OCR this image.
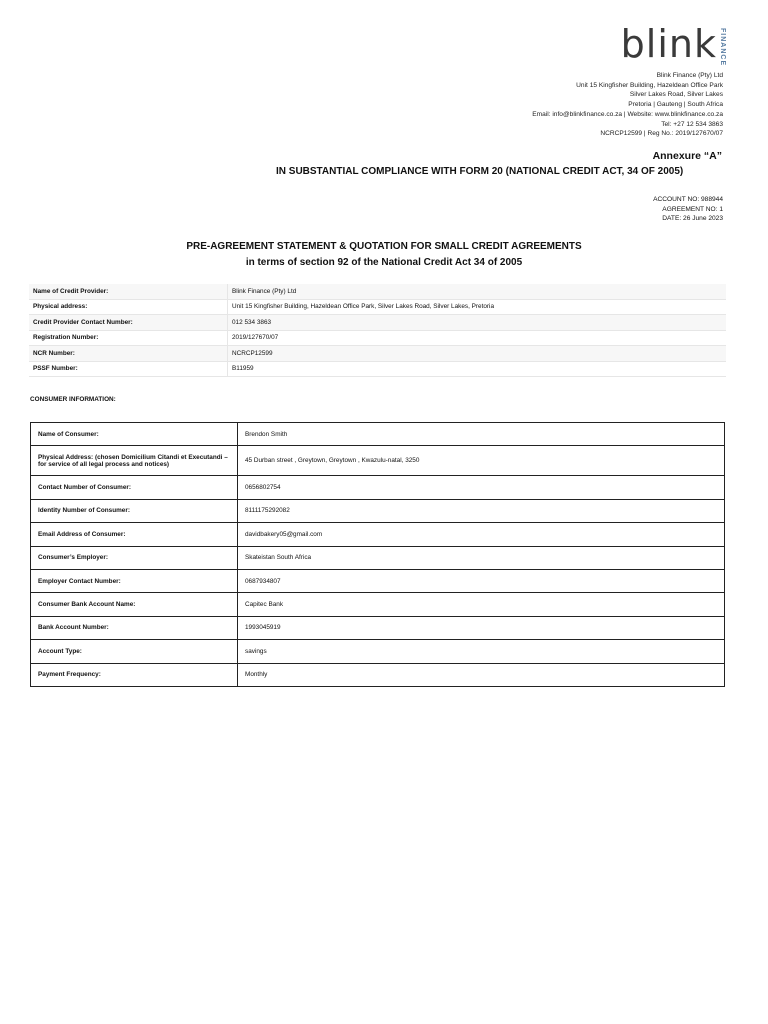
blink FINANCE
Blink Finance (Pty) Ltd
Unit 15 Kingfisher Building, Hazeldean Office Park
Silver Lakes Road, Silver Lakes
Pretoria | Gauteng | South Africa
Email: info@blinkfinance.co.za | Website: www.blinkfinance.co.za
Tel: +27 12 534 3863
NCRCP12599 | Reg No.: 2019/127670/07
Annexure “A”
IN SUBSTANTIAL COMPLIANCE WITH FORM 20 (NATIONAL CREDIT ACT, 34 OF 2005)
ACCOUNT NO: 988944
AGREEMENT NO: 1
DATE: 26 June 2023
PRE-AGREEMENT STATEMENT & QUOTATION FOR SMALL CREDIT AGREEMENTS
in terms of section 92 of the National Credit Act 34 of 2005
Name of Credit Provider:	Blink Finance (Pty) Ltd
Physical address:	Unit 15 Kingfisher Building, Hazeldean Office Park, Silver Lakes Road, Silver Lakes, Pretoria
Credit Provider Contact Number:	012 534 3863
Registration Number:	2019/127670/07
NCR Number:	NCRCP12599
PSSF Number:	B11959
CONSUMER INFORMATION:
Name of Consumer:	Brendon Smith
Physical Address: (chosen Domicilium Citandi et Executandi – for service of all legal process and notices)	45 Durban street , Greytown, Greytown , Kwazulu-natal, 3250
Contact Number of Consumer:	0656802754
Identity Number of Consumer:	8111175292082
Email Address of Consumer:	davidbakery05@gmail.com
Consumer’s Employer:	Skateistan South Africa
Employer Contact Number:	0687934807
Consumer Bank Account Name:	Capitec Bank
Bank Account Number:	1993045919
Account Type:	savings
Payment Frequency:	Monthly
